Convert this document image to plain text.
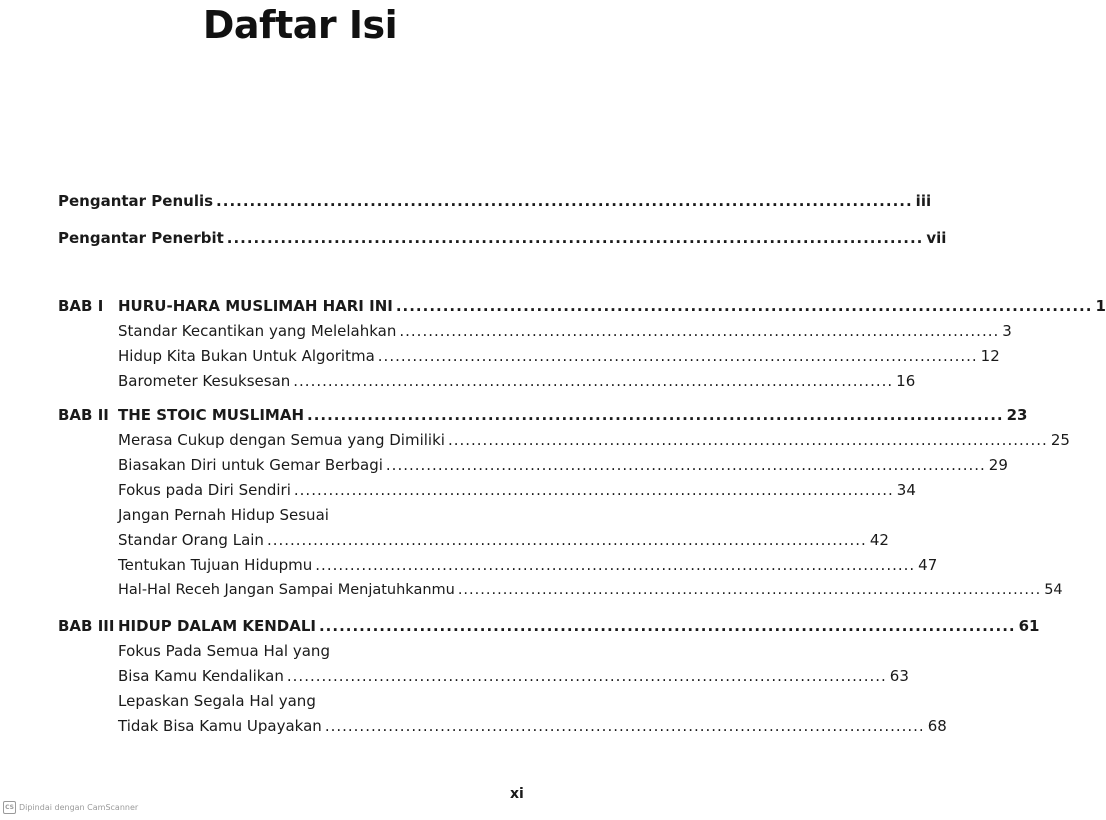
Daftar Isi
Pengantar Penulis ........................................................................................................ iii
Pengantar Penerbit ........................................................................................................ vii
BAB I HURU-HARA MUSLIMAH HARI INI ........................................................................................................ 1
Standar Kecantikan yang Melelahkan ........................................................................................................ 3
Hidup Kita Bukan Untuk Algoritma ........................................................................................................ 12
Barometer Kesuksesan ........................................................................................................ 16
BAB II THE STOIC MUSLIMAH ........................................................................................................ 23
Merasa Cukup dengan Semua yang Dimiliki ........................................................................................................ 25
Biasakan Diri untuk Gemar Berbagi ........................................................................................................ 29
Fokus pada Diri Sendiri ........................................................................................................ 34
Jangan Pernah Hidup Sesuai
Standar Orang Lain ........................................................................................................ 42
Tentukan Tujuan Hidupmu ........................................................................................................ 47
Hal-Hal Receh Jangan Sampai Menjatuhkanmu ........................................................................................................ 54
BAB III HIDUP DALAM KENDALI ........................................................................................................ 61
Fokus Pada Semua Hal yang
Bisa Kamu Kendalikan ........................................................................................................ 63
Lepaskan Segala Hal yang
Tidak Bisa Kamu Upayakan ........................................................................................................ 68
xi
CS Dipindai dengan CamScanner
